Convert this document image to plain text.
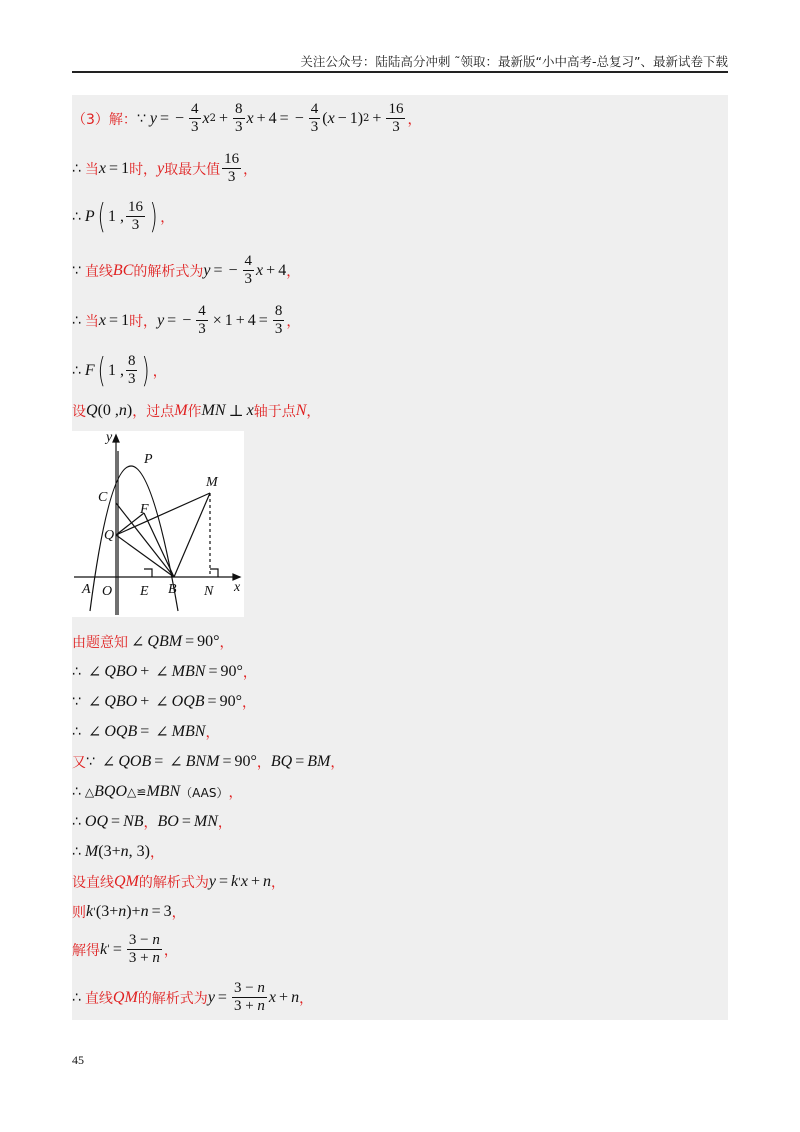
关注公众号：陆陆高分冲刺 ˜领取：最新版“小中高考-总复习”、最新试卷下载
（3）解： ∵ y = − $\frac{4}{3}$ x $2 + \frac{8}{3}$ x + 4 = − $\frac{4}{3}$ ( x − 1) $2 + \frac{16}{3}$ ，
∴ 当 x = 1 时， y 取最大值 $\frac{16}{3}$ ，
∴ P ( 1 , $\frac{16}{3}$ ) ，
∵ 直线 BC 的解析式为 y = − $\frac{4}{3}$ x + 4 ，
∴ 当 x = 1 时， y = − $\frac{4}{3} \times 1 + 4 = \frac{8}{3}$ ，
∴ F ( 1 , $\frac{8}{3}$ ) ，
设 Q (0 , n ) ，过点 M 作 MN ⊥ x 轴于点 N ，
y
P
M
C
F
Q
A O E B N x
由题意知 ∠ QBM = 90° ，
∴ ∠ QBO + ∠ MBN = 90° ，
∵ ∠ QBO + ∠ OQB = 90° ，
∴ ∠ OQB = ∠ MBN ，
又 ∵ ∠ QOB = ∠ BNM = 90° ， BQ = BM ，
∴ △ BQO △≌ MBN （AAS） ，
∴ OQ = NB ， BO = MN ，
∴ M (3+ n , 3) ，
设直线 QM 的解析式为 y = k ' x + n ，
则 k ' (3+ n )+ n = 3 ，
解得 k ' = $\frac{3 - n}{3 + n}$ ，
∴ 直线 QM 的解析式为 $y = \frac{3 - n}{3 + n}$ x + n ，
45
